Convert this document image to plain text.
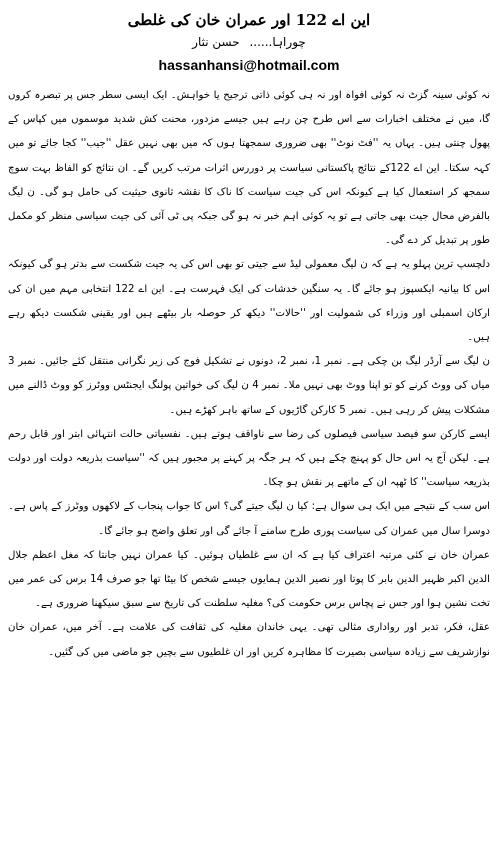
این اے 122 اور عمران خان کی غلطی
چوراہا...... حسن نثار
hassanhansi@hotmail.com

نہ کوئی سینہ گزٹ نہ کوئی افواہ اور نہ ہی کوئی ذاتی ترجیح یا خواہش۔ ایک ایسی سطر جس پر تبصرہ کروں گا، میں نے مختلف اخبارات سے اس طرح چن رہے ہیں جیسے مزدور، محنت کش شدید موسموں میں کپاس کے پھول چنتی ہیں۔ یہاں یہ ''فٹ نوٹ'' بھی ضروری سمجھتا ہوں کہ میں بھی نہیں عقل ''جیب'' کجا جائے تو میں کہہ سکتا۔ این اے 122کے نتائج پاکستانی سیاست پر دوررس اثرات مرتب کریں گے۔ ان نتائج کو الفاظ بہت سوچ سمجھ کر استعمال کیا ہے کیونکہ اس کی جیت سیاست کا ناک کا نقشہ ثانوی حیثیت کی حامل ہو گی۔ ن لیگ بالفرض محال جیت بھی جاتی ہے تو یہ کوئی اہم خبر نہ ہو گی جبکہ پی ٹی آئی کی جیت سیاسی منظر کو مکمل طور پر تبدیل کر دے گی۔

دلچسپ ترین پہلو یہ ہے کہ ن لیگ معمولی لیڈ سے جیتی تو بھی اس کی یہ جیت شکست سے بدتر ہو گی کیونکہ اس کا بیانیہ ایکسپوز ہو جائے گا۔ یہ سنگین خدشات کی ایک فہرست ہے۔ این اے 122 انتخابی مہم میں ان کی ارکان اسمبلی اور وزراء کی شمولیت اور ''حالات'' دیکھ کر حوصلہ بار بیٹھے ہیں اور یقینی شکست دیکھ رہے ہیں۔

ن لیگ سے آرڈر لیگ بن چکی ہے۔ نمبر 1، نمبر 2، دونوں نے تشکیل فوج کی زیر نگرانی منتقل کئے جائیں۔ نمبر 3 میاں کی ووٹ کرنے کو تو اپنا ووٹ بھی نہیں ملا۔ نمبر 4 ن لیگ کی خواتین پولنگ ایجنٹس ووٹرز کو ووٹ ڈالنے میں مشکلات پیش کر رہی ہیں۔ نمبر 5 کارکن گاڑیوں کے ساتھ باہر کھڑے ہیں۔

ایسے کارکن سو فیصد سیاسی فیصلوں کی رضا سے ناواقف ہوتے ہیں۔ نفسیاتی حالت انتہائی ابتر اور قابل رحم ہے۔ لیکن آج یہ اس حال کو پہنچ چکے ہیں کہ ہر جگہ پر کہنے پر مجبور ہیں کہ ''سیاست بذریعہ دولت اور دولت بذریعہ سیاست'' کا ٹھپہ ان کے ماتھے پر نقش ہو چکا۔

اس سب کے نتیجے میں ایک ہی سوال ہے: کیا ن لیگ جیتے گی؟ اس کا جواب پنجاب کے لاکھوں ووٹرز کے پاس ہے۔ دوسرا سال میں عمران کی سیاست پوری طرح سامنے آ جائے گی اور تعلق واضح ہو جائے گا۔

عمران خان نے کئی مرتبہ اعتراف کیا ہے کہ ان سے غلطیاں ہوئیں۔ کیا عمران نہیں جانتا کہ مغل اعظم جلال الدین اکبر ظہیر الدین بابر کا پوتا اور نصیر الدین ہمایوں جیسے شخص کا بیٹا تھا جو صرف 14 برس کی عمر میں تخت نشین ہوا اور جس نے پچاس برس حکومت کی؟ مغلیہ سلطنت کی تاریخ سے سبق سیکھنا ضروری ہے۔

عقل، فکر، تدبر اور رواداری مثالی تھی۔ یہی خاندان مغلیہ کی ثقافت کی علامت ہے۔ آخر میں، عمران خان نوازشریف سے زیادہ سیاسی بصیرت کا مظاہرہ کریں اور ان غلطیوں سے بچیں جو ماضی میں کی گئیں۔
